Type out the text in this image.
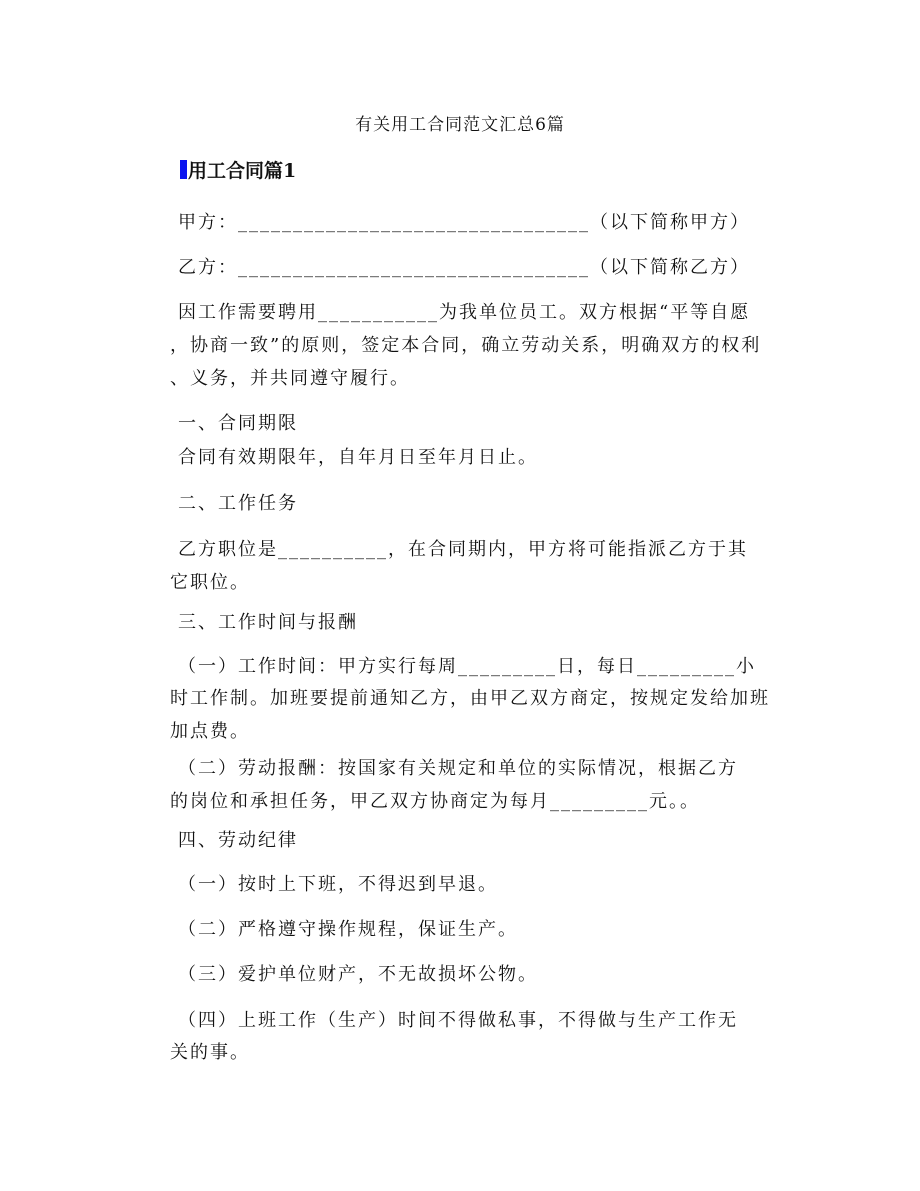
有关用工合同范文汇总6篇
用工合同篇1
甲方：________________________________（以下简称甲方）
乙方：________________________________（以下简称乙方）
因工作需要聘用___________为我单位员工。双方根据“平等自愿
，协商一致”的原则，签定本合同，确立劳动关系，明确双方的权利
、义务，并共同遵守履行。
一、合同期限
合同有效期限年，自年月日至年月日止。
二、工作任务
乙方职位是__________，在合同期内，甲方将可能指派乙方于其
它职位。
三、工作时间与报酬
（一）工作时间：甲方实行每周_________日，每日_________小
时工作制。加班要提前通知乙方，由甲乙双方商定，按规定发给加班
加点费。
（二）劳动报酬：按国家有关规定和单位的实际情况，根据乙方
的岗位和承担任务，甲乙双方协商定为每月_________元。。
四、劳动纪律
（一）按时上下班，不得迟到早退。
（二）严格遵守操作规程，保证生产。
（三）爱护单位财产，不无故损坏公物。
（四）上班工作（生产）时间不得做私事，不得做与生产工作无
关的事。
